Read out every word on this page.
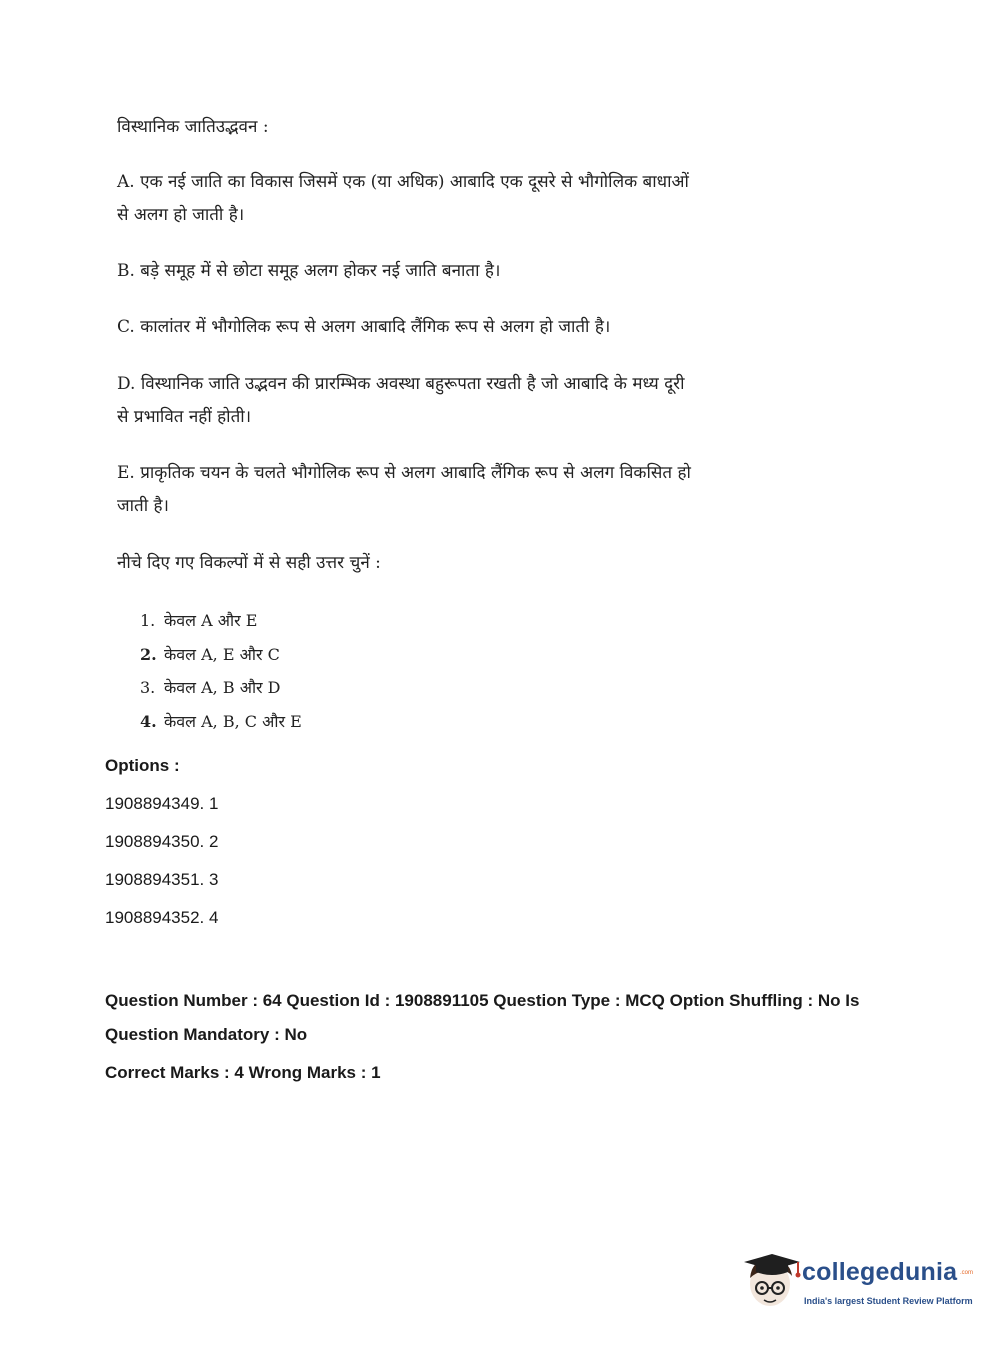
विस्थानिक जातिउद्भवन :
A. एक नई जाति का विकास जिसमें एक (या अधिक) आबादि एक दूसरे से भौगोलिक बाधाओं
से अलग हो जाती है।
B. बड़े समूह में से छोटा समूह अलग होकर नई जाति बनाता है।
C. कालांतर में भौगोलिक रूप से अलग आबादि लैंगिक रूप से अलग हो जाती है।
D. विस्थानिक जाति उद्भवन की प्रारम्भिक अवस्था बहुरूपता रखती है जो आबादि के मध्य दूरी
से प्रभावित नहीं होती।
E. प्राकृतिक चयन के चलते भौगोलिक रूप से अलग आबादि लैंगिक रूप से अलग विकसित हो
जाती है।
नीचे दिए गए विकल्पों में से सही उत्तर चुनें :
1. केवल A और E
2. केवल A, E और C
3. केवल A, B और D
4. केवल A, B, C और E
Options :
1908894349. 1
1908894350. 2
1908894351. 3
1908894352. 4
Question Number : 64 Question Id : 1908891105 Question Type : MCQ Option Shuffling : No Is
Question Mandatory : No
Correct Marks : 4 Wrong Marks : 1
collegedunia .com
India's largest Student Review Platform
